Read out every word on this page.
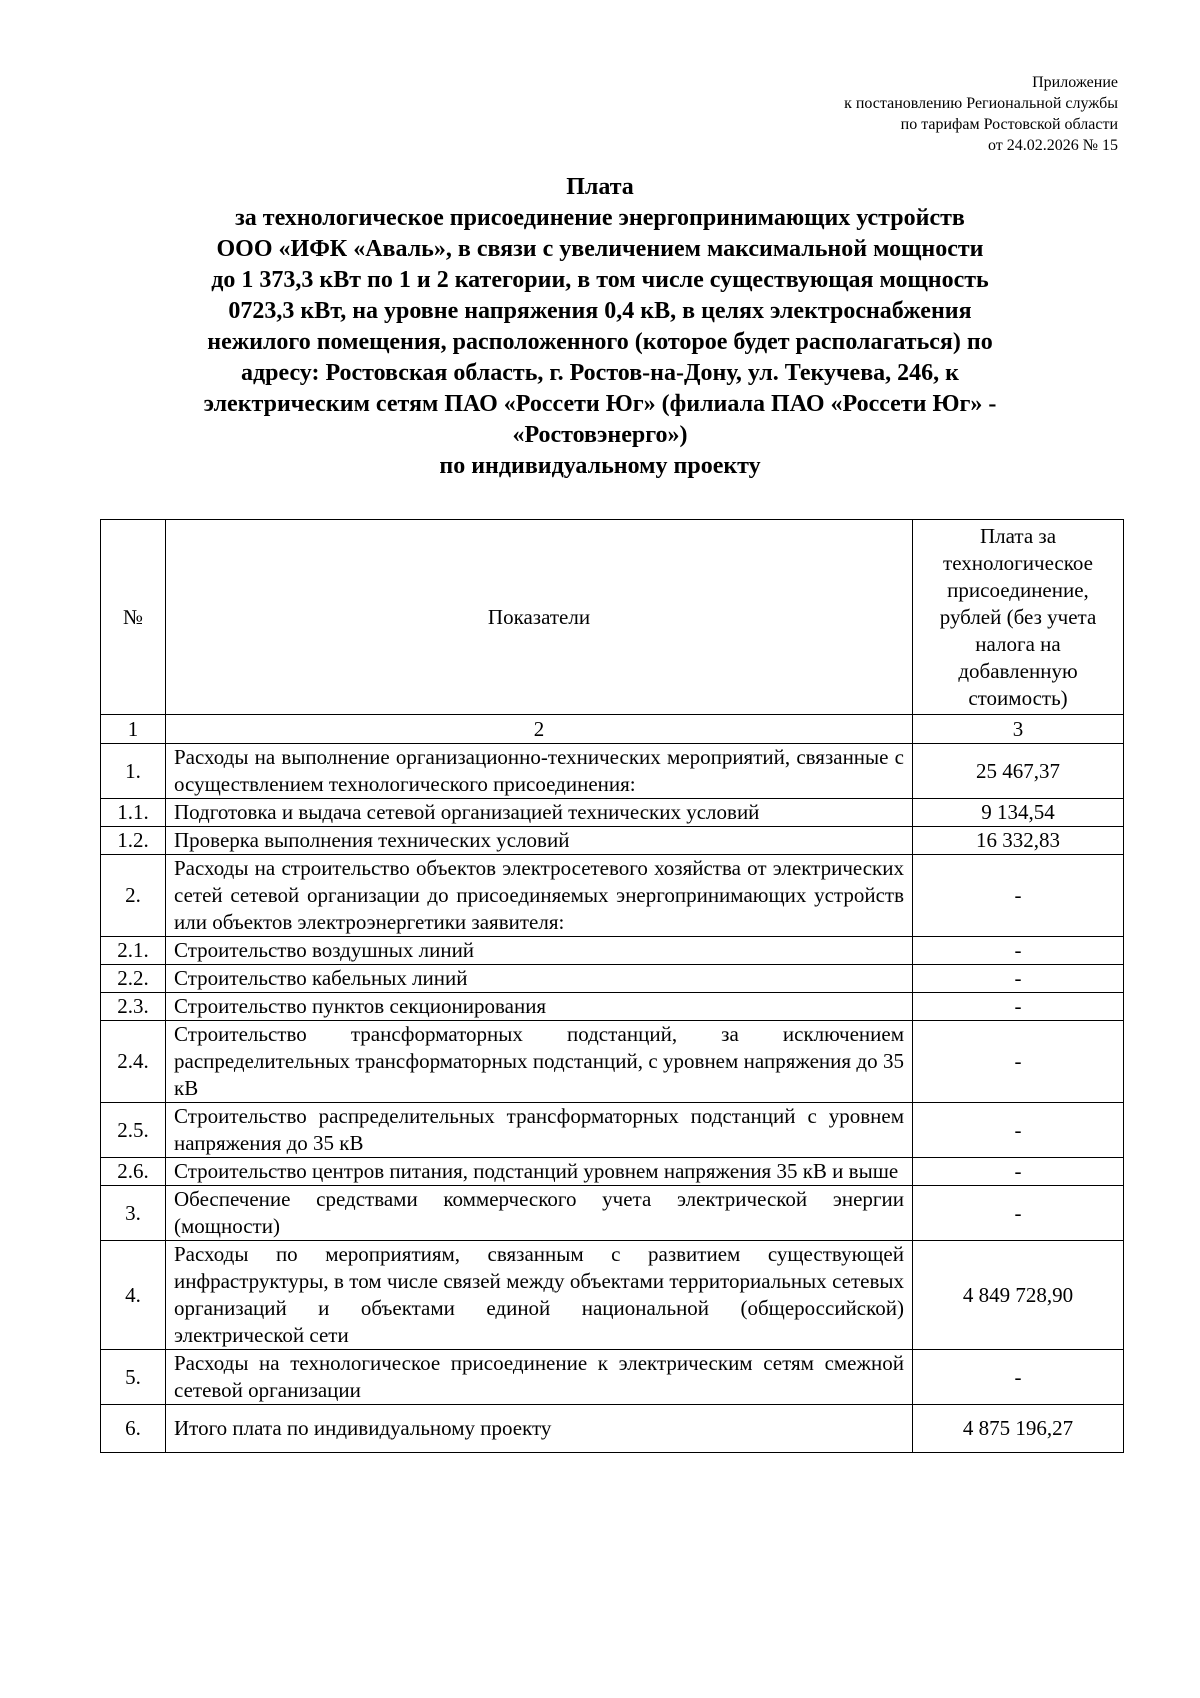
Приложение
к постановлению Региональной службы
по тарифам Ростовской области
от 24.02.2026 № 15
Плата
за технологическое присоединение энергопринимающих устройств
ООО «ИФК «Аваль», в связи с увеличением максимальной мощности
до 1 373,3 кВт по 1 и 2 категории, в том числе существующая мощность
0723,3 кВт, на уровне напряжения 0,4 кВ, в целях электроснабжения
нежилого помещения, расположенного (которое будет располагаться) по
адресу: Ростовская область, г. Ростов-на-Дону, ул. Текучева, 246, к
электрическим сетям ПАО «Россети Юг» (филиала ПАО «Россети Юг» -
«Ростовэнерго»)
по индивидуальному проекту
№	Показатели	Плата за технологическое присоединение, рублей (без учета налога на добавленную стоимость)
1	2	3
1.	Расходы на выполнение организационно-технических мероприятий, связанные с осуществлением технологического присоединения:	25 467,37
1.1.	Подготовка и выдача сетевой организацией технических условий	9 134,54
1.2.	Проверка выполнения технических условий	16 332,83
2.	Расходы на строительство объектов электросетевого хозяйства от электрических сетей сетевой организации до присоединяемых энергопринимающих устройств или объектов электроэнергетики заявителя:	-
2.1.	Строительство воздушных линий	-
2.2.	Строительство кабельных линий	-
2.3.	Строительство пунктов секционирования	-
2.4.	Строительство трансформаторных подстанций, за исключением распределительных трансформаторных подстанций, с уровнем напряжения до 35 кВ	-
2.5.	Строительство распределительных трансформаторных подстанций с уровнем напряжения до 35 кВ	-
2.6.	Строительство центров питания, подстанций уровнем напряжения 35 кВ и выше	-
3.	Обеспечение средствами коммерческого учета электрической энергии (мощности)	-
4.	Расходы по мероприятиям, связанным с развитием существующей инфраструктуры, в том числе связей между объектами территориальных сетевых организаций и объектами единой национальной (общероссийской) электрической сети	4 849 728,90
5.	Расходы на технологическое присоединение к электрическим сетям смежной сетевой организации	-
6.	Итого плата по индивидуальному проекту	4 875 196,27
